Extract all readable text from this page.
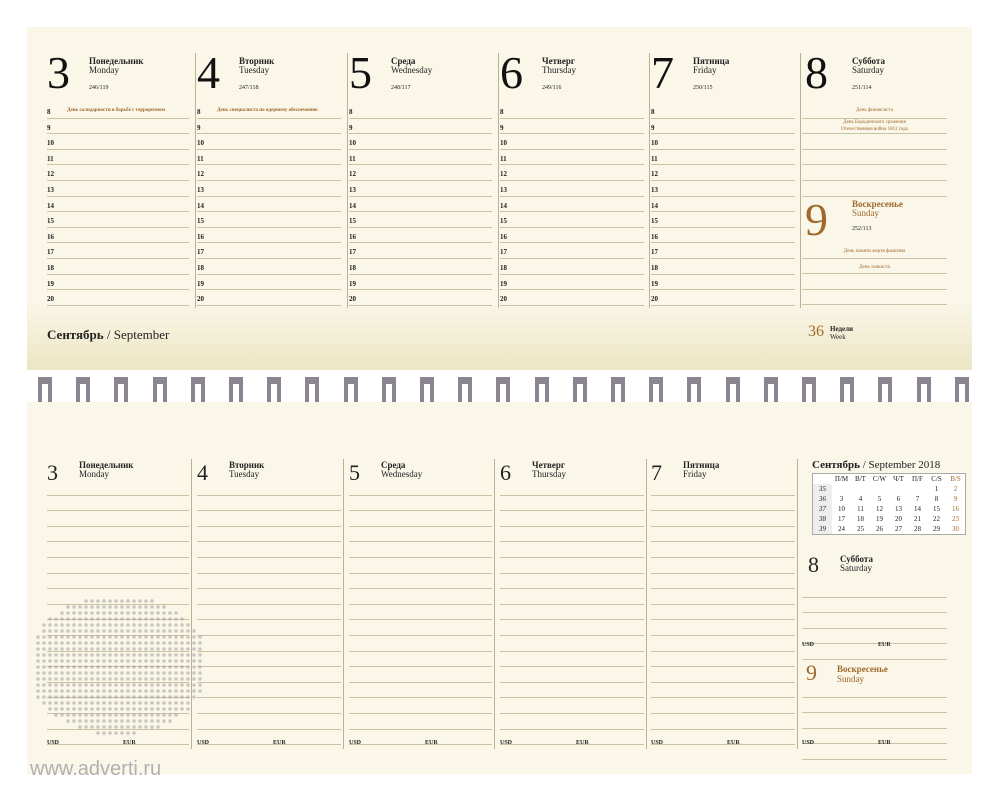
3 Понедельник
Monday
246/119
8	День солидарности в борьбе с терроризмом
9
10
11
12
13
14
15
16
17
18
19
20
4 Вторник
Tuesday
247/118
8	День специалиста по ядерному обеспечению
9
10
11
12
13
14
15
16
17
18
19
20
5 Среда
Wednesday
248/117
8
9
10
11
12
13
14
15
16
17
18
19
20
6 Четверг
Thursday
249/116
8
9
10
11
12
13
14
15
16
17
18
19
20
7 Пятница
Friday
250/115
8
9
10
11
12
13
14
15
16
17
18
19
20
8	Суббота
Saturday
251/114
День финансиста
День Бородинского сражения
Отечественная война 1812 года
9	Воскресенье
Sunday
252/113
День памяти жертв фашизма
День танкиста
Сентябрь / September	36 Недели
Week
3 Понедельник
Monday
USD	EUR
4 Вторник
Tuesday
USD	EUR
5 Среда
Wednesday
USD	EUR
6 Четверг
Thursday
USD	EUR
7 Пятница
Friday
USD	EUR
USD	EUR
USD	EUR
Сентябрь / September 2018
	П/M	В/T	С/W	Ч/T	П/F	С/S	В/S
35						1	2
36	3	4	5	6	7	8	9
37	10	11	12	13	14	15	16
38	17	18	19	20	21	22	23
39	24	25	26	27	28	29	30
8 Суббота
Saturday
9 Воскресенье
Sunday
www.adverti.ru
